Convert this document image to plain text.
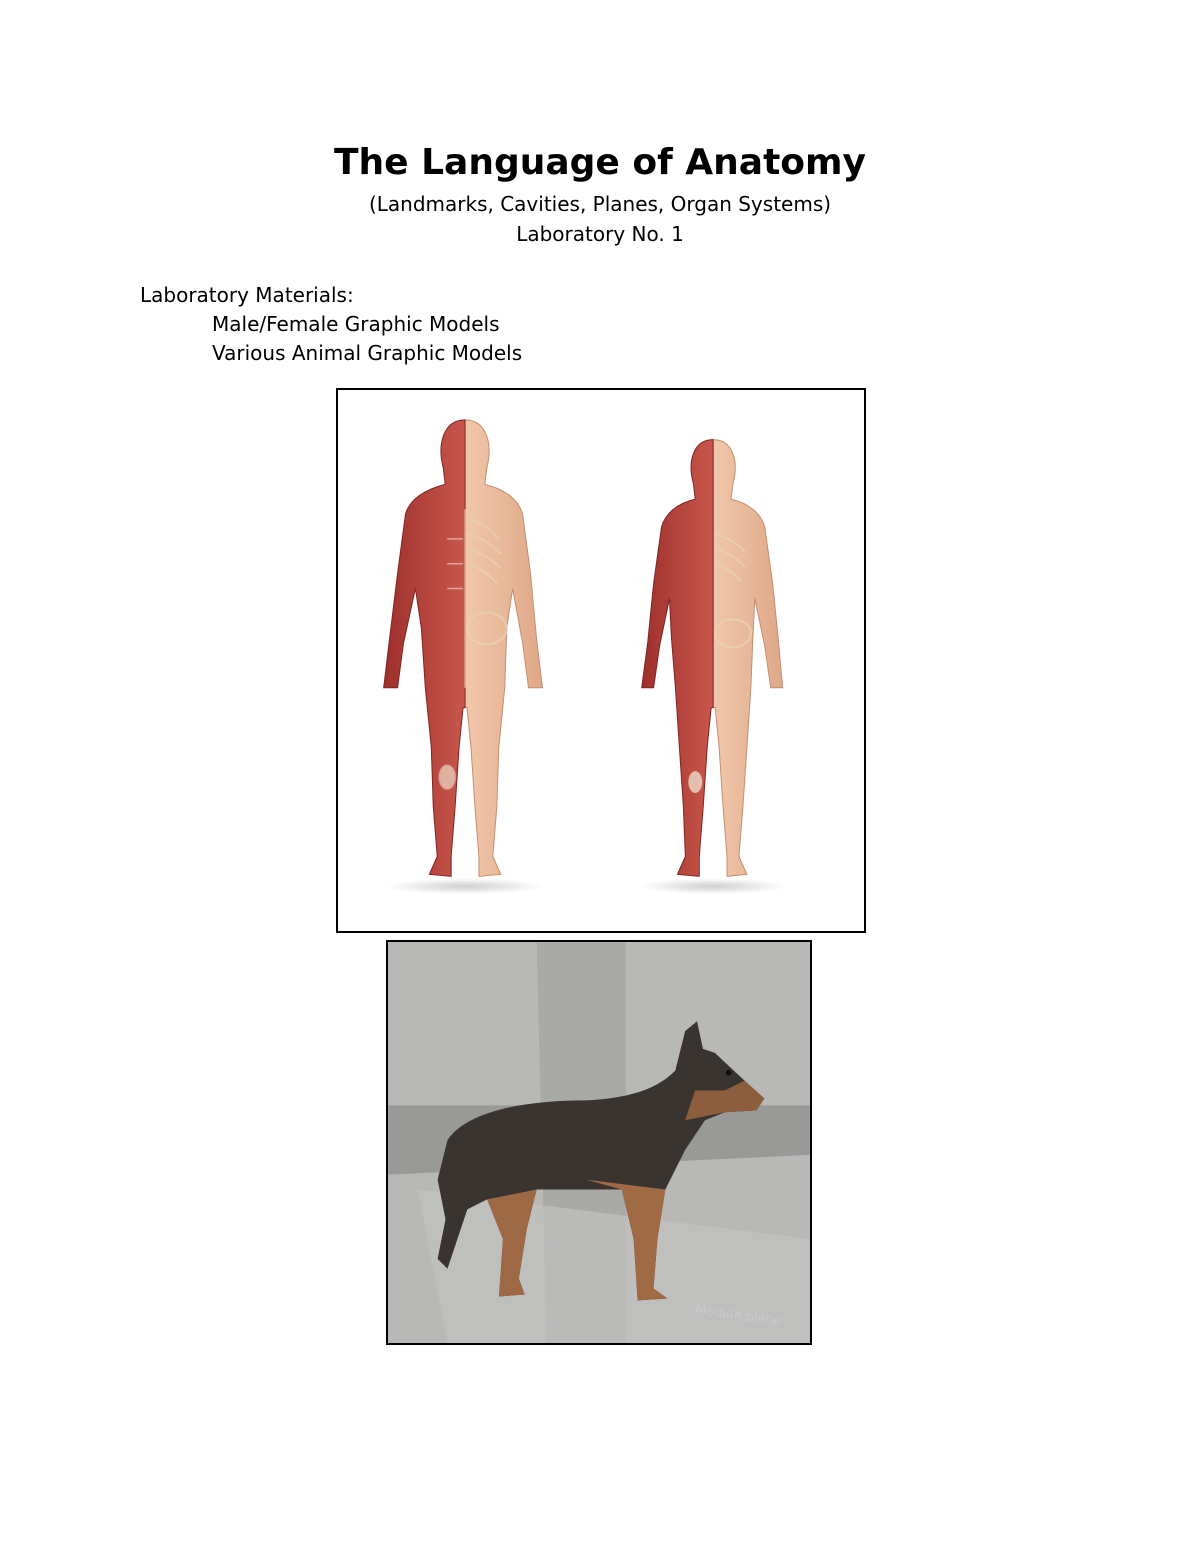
The Language of Anatomy
(Landmarks, Cavities, Planes, Organ Systems)
Laboratory No. 1
Laboratory Materials:
Male/Female Graphic Models
Various Animal Graphic Models
Median plane
